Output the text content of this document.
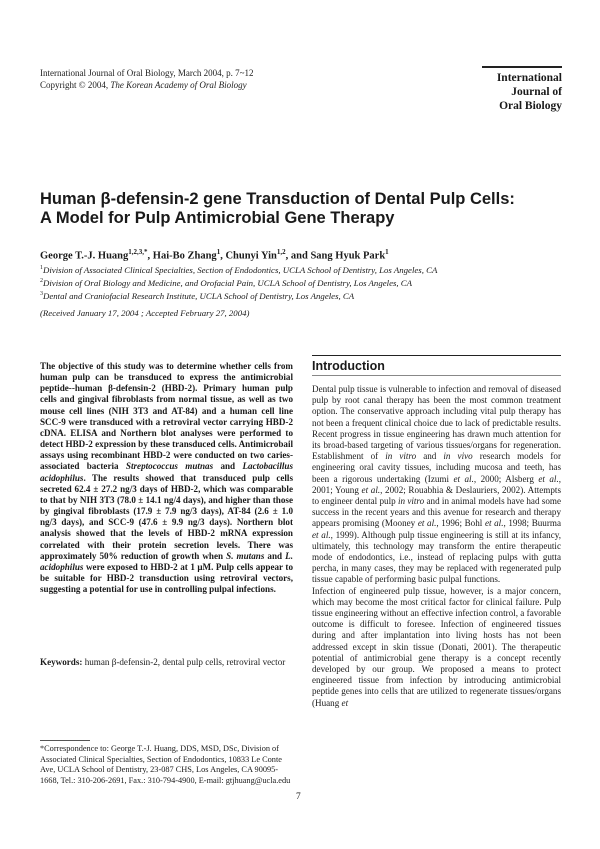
International Journal of Oral Biology, March 2004, p. 7~12
Copyright © 2004, The Korean Academy of Oral Biology
International
Journal of
Oral Biology
Human β-defensin-2 gene Transduction of Dental Pulp Cells:
A Model for Pulp Antimicrobial Gene Therapy
George T.-J. Huang$^{1,2,3,*}$, Hai-Bo Zhang$^1$, Chunyi Yin$^{1,2}$, and Sang Hyuk Park$^1$
$^1$Division of Associated Clinical Specialties, Section of Endodontics, UCLA School of Dentistry, Los Angeles, CA
$^2$Division of Oral Biology and Medicine, and Orofacial Pain, UCLA School of Dentistry, Los Angeles, CA
$^3$Dental and Craniofacial Research Institute, UCLA School of Dentistry, Los Angeles, CA
(Received January 17, 2004 ; Accepted February 27, 2004)
The objective of this study was to determine whether cells from human pulp can be transduced to express the antimicrobial peptide--human β-defensin-2 (HBD-2). Primary human pulp cells and gingival fibroblasts from normal tissue, as well as two mouse cell lines (NIH 3T3 and AT-84) and a human cell line SCC-9 were transduced with a retroviral vector carrying HBD-2 cDNA. ELISA and Northern blot analyses were performed to detect HBD-2 expression by these transduced cells. Antimicrobail assays using recombinant HBD-2 were conducted on two caries-associated bacteria Streptococcus mutnas and Lactobacillus acidophilus. The results showed that transduced pulp cells secreted 62.4 ± 27.2 ng/3 days of HBD-2, which was comparable to that by NIH 3T3 (78.0 ± 14.1 ng/4 days), and higher than those by gingival fibroblasts (17.9 ± 7.9 ng/3 days), AT-84 (2.6 ± 1.0 ng/3 days), and SCC-9 (47.6 ± 9.9 ng/3 days). Northern blot analysis showed that the levels of HBD-2 mRNA expression correlated with their protein secretion levels. There was approximately 50% reduction of growth when S. mutans and L. acidophilus were exposed to HBD-2 at 1 μM. Pulp cells appear to be suitable for HBD-2 transduction using retroviral vectors, suggesting a potential for use in controlling pulpal infections.
Keywords: human β-defensin-2, dental pulp cells, retroviral vector
*Correspondence to: George T.-J. Huang, DDS, MSD, DSc, Division of Associated Clinical Specialties, Section of Endodontics, 10833 Le Conte Ave, UCLA School of Dentistry, 23-087 CHS, Los Angeles, CA 90095-1668, Tel.: 310-206-2691, Fax.: 310-794-4900, E-mail: gtjhuang@ucla.edu
Introduction

Dental pulp tissue is vulnerable to infection and removal of diseased pulp by root canal therapy has been the most common treatment option. The conservative approach including vital pulp therapy has not been a frequent clinical choice due to lack of predictable results. Recent progress in tissue engineering has drawn much attention for its broad-based targeting of various tissues/organs for regeneration. Establishment of in vitro and in vivo research models for engineering oral cavity tissues, including mucosa and teeth, has been a rigorous undertaking (Izumi et al., 2000; Alsberg et al., 2001; Young et al., 2002; Rouabhia & Deslauriers, 2002). Attempts to engineer dental pulp in vitro and in animal models have had some success in the recent years and this avenue for research and therapy appears promising (Mooney et al., 1996; Bohl et al., 1998; Buurma et al., 1999). Although pulp tissue engineering is still at its infancy, ultimately, this technology may transform the entire therapeutic mode of endodontics, i.e., instead of replacing pulps with gutta percha, in many cases, they may be replaced with regenerated pulp tissue capable of performing basic pulpal functions.

Infection of engineered pulp tissue, however, is a major concern, which may become the most critical factor for clinical failure. Pulp tissue engineering without an effective infection control, a favorable outcome is difficult to foresee. Infection of engineered tissues during and after implantation into living hosts has not been addressed except in skin tissue (Donati, 2001). The therapeutic potential of antimicrobial gene therapy is a concept recently developed by our group. We proposed a means to protect engineered tissue from infection by introducing antimicrobial peptide genes into cells that are utilized to regenerate tissues/organs (Huang et

7
